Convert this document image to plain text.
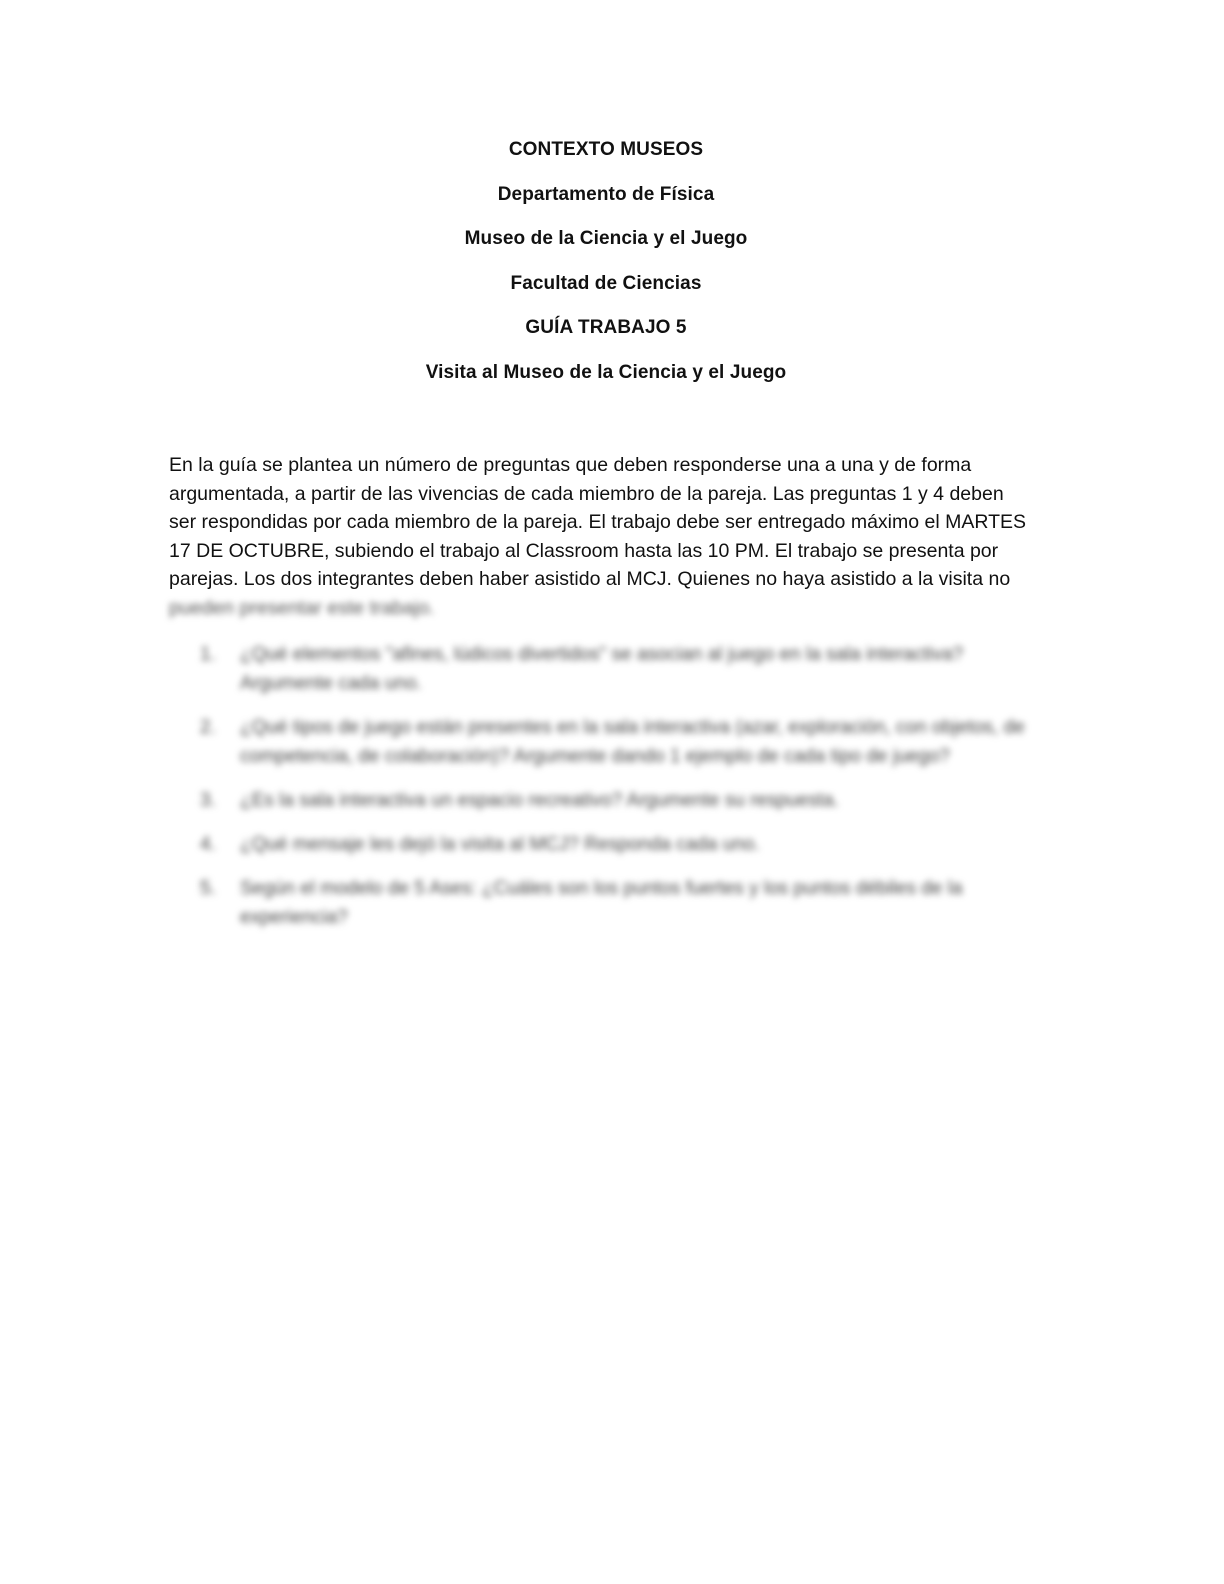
CONTEXTO MUSEOS
Departamento de Física
Museo de la Ciencia y el Juego
Facultad de Ciencias
GUÍA TRABAJO 5
Visita al Museo de la Ciencia y el Juego
En la guía se plantea un número de preguntas que deben responderse una a una y de forma
argumentada, a partir de las vivencias de cada miembro de la pareja. Las preguntas 1 y 4 deben
ser respondidas por cada miembro de la pareja. El trabajo debe ser entregado máximo el MARTES
17 DE OCTUBRE, subiendo el trabajo al Classroom hasta las 10 PM. El trabajo se presenta por
parejas. Los dos integrantes deben haber asistido al MCJ. Quienes no haya asistido a la visita no
pueden presentar este trabajo.
1.	¿Qué elementos "afines, lúdicos divertidos" se asocian al juego en la sala interactiva? Argumente cada uno.
2.	¿Qué tipos de juego están presentes en la sala interactiva (azar, exploración, con objetos, de competencia, de colaboración)? Argumente dando 1 ejemplo de cada tipo de juego?
3.	¿Es la sala interactiva un espacio recreativo? Argumente su respuesta.
4.	¿Qué mensaje les dejó la visita al MCJ? Responda cada uno.
5.	Según el modelo de 5 Ases: ¿Cuáles son los puntos fuertes y los puntos débiles de la experiencia?
